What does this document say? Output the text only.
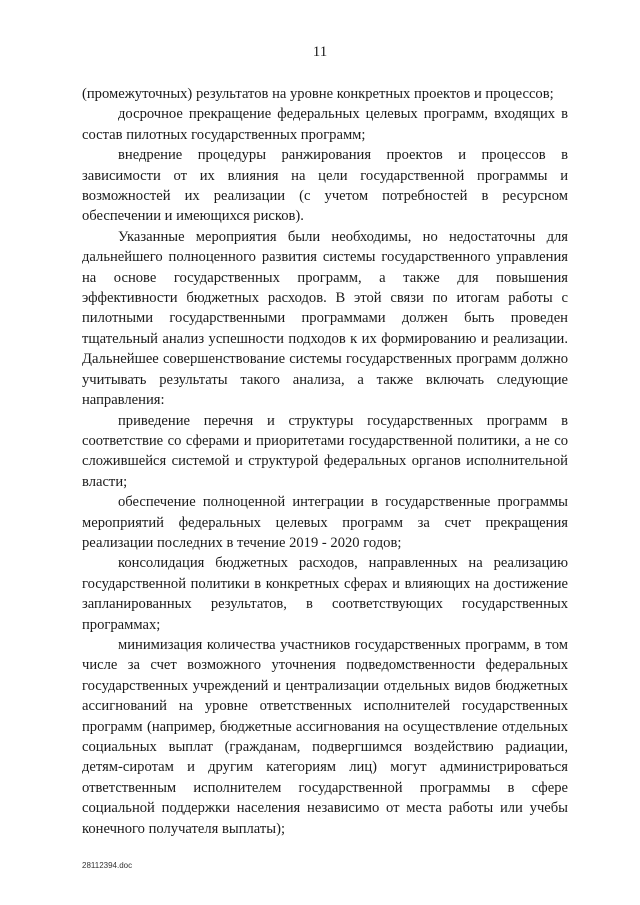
11

(промежуточных) результатов на уровне конкретных проектов и процессов;

досрочное прекращение федеральных целевых программ, входящих в состав пилотных государственных программ;

внедрение процедуры ранжирования проектов и процессов в зависимости от их влияния на цели государственной программы и возможностей их реализации (с учетом потребностей в ресурсном обеспечении и имеющихся рисков).

Указанные мероприятия были необходимы, но недостаточны для дальнейшего полноценного развития системы государственного управления на основе государственных программ, а также для повышения эффективности бюджетных расходов. В этой связи по итогам работы с пилотными государственными программами должен быть проведен тщательный анализ успешности подходов к их формированию и реализации. Дальнейшее совершенствование системы государственных программ должно учитывать результаты такого анализа, а также включать следующие направления:

приведение перечня и структуры государственных программ в соответствие со сферами и приоритетами государственной политики, а не со сложившейся системой и структурой федеральных органов исполнительной власти;

обеспечение полноценной интеграции в государственные программы мероприятий федеральных целевых программ за счет прекращения реализации последних в течение 2019 - 2020 годов;

консолидация бюджетных расходов, направленных на реализацию государственной политики в конкретных сферах и влияющих на достижение запланированных результатов, в соответствующих государственных программах;

минимизация количества участников государственных программ, в том числе за счет возможного уточнения подведомственности федеральных государственных учреждений и централизации отдельных видов бюджетных ассигнований на уровне ответственных исполнителей государственных программ (например, бюджетные ассигнования на осуществление отдельных социальных выплат (гражданам, подвергшимся воздействию радиации, детям-сиротам и другим категориям лиц) могут администрироваться ответственным исполнителем государственной программы в сфере социальной поддержки населения независимо от места работы или учебы конечного получателя выплаты);

28112394.doc
